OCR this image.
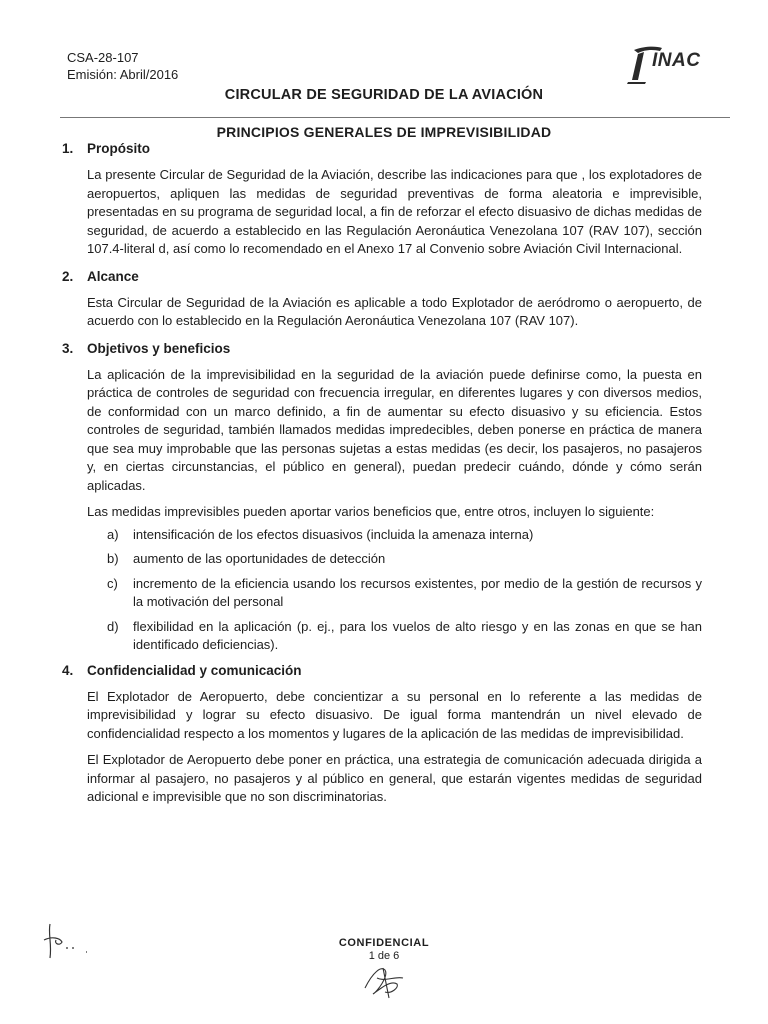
CSA-28-107
Emisión: Abril/2016
INAC
CIRCULAR DE SEGURIDAD DE LA AVIACIÓN
PRINCIPIOS GENERALES DE IMPREVISIBILIDAD
1. Propósito

La presente Circular de Seguridad de la Aviación, describe las indicaciones para que , los explotadores de aeropuertos, apliquen las medidas de seguridad preventivas de forma aleatoria e imprevisible, presentadas en su programa de seguridad local, a fin de reforzar el efecto disuasivo de dichas medidas de seguridad, de acuerdo a establecido en las Regulación Aeronáutica Venezolana 107 (RAV 107), sección 107.4-literal d, así como lo recomendado en el Anexo 17 al Convenio sobre Aviación Civil Internacional.

2. Alcance

Esta Circular de Seguridad de la Aviación es aplicable a todo Explotador de aeródromo o aeropuerto, de acuerdo con lo establecido en la Regulación Aeronáutica Venezolana 107 (RAV 107).

3. Objetivos y beneficios

La aplicación de la imprevisibilidad en la seguridad de la aviación puede definirse como, la puesta en práctica de controles de seguridad con frecuencia irregular, en diferentes lugares y con diversos medios, de conformidad con un marco definido, a fin de aumentar su efecto disuasivo y su eficiencia. Estos controles de seguridad, también llamados medidas impredecibles, deben ponerse en práctica de manera que sea muy improbable que las personas sujetas a estas medidas (es decir, los pasajeros, no pasajeros y, en ciertas circunstancias, el público en general), puedan predecir cuándo, dónde y cómo serán aplicadas.

Las medidas imprevisibles pueden aportar varios beneficios que, entre otros, incluyen lo siguiente:

a)	intensificación de los efectos disuasivos (incluida la amenaza interna)
b)	aumento de las oportunidades de detección
c)	incremento de la eficiencia usando los recursos existentes, por medio de la gestión de recursos y la motivación del personal
d)	flexibilidad en la aplicación (p. ej., para los vuelos de alto riesgo y en las zonas en que se han identificado deficiencias).
4. Confidencialidad y comunicación

El Explotador de Aeropuerto, debe concientizar a su personal en lo referente a las medidas de imprevisibilidad y lograr su efecto disuasivo. De igual forma mantendrán un nivel elevado de confidencialidad respecto a los momentos y lugares de la aplicación de las medidas de imprevisibilidad.

El Explotador de Aeropuerto debe poner en práctica, una estrategia de comunicación adecuada dirigida a informar al pasajero, no pasajeros y al público en general, que estarán vigentes medidas de seguridad adicional e imprevisible que no son discriminatorias.

CONFIDENCIAL
1 de 6
